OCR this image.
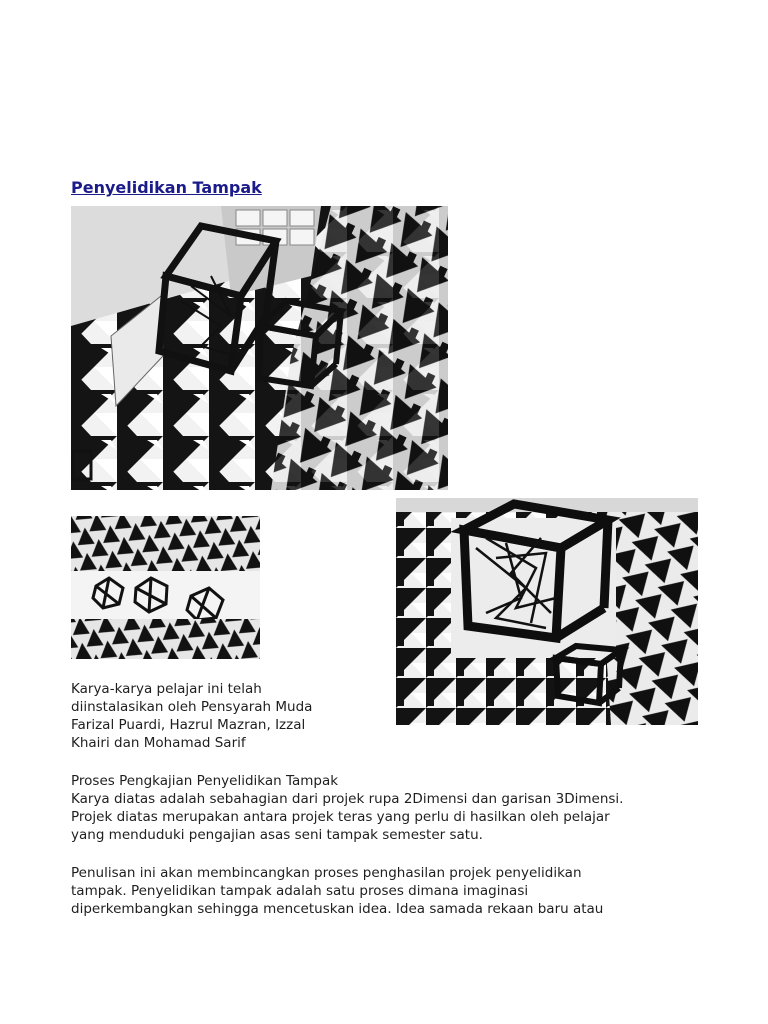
Penyelidikan Tampak

Karya-karya pelajar ini telah

diinstalasikan oleh Pensyarah Muda

Farizal Puardi, Hazrul Mazran, Izzal

Khairi dan Mohamad Sarif

Proses Pengkajian Penyelidikan Tampak

Karya diatas adalah sebahagian dari projek rupa 2Dimensi dan garisan 3Dimensi.

Projek diatas merupakan antara projek teras yang perlu di hasilkan oleh pelajar

yang menduduki pengajian asas seni tampak semester satu.

Penulisan ini akan membincangkan proses penghasilan projek penyelidikan

tampak. Penyelidikan tampak adalah satu proses dimana imaginasi

diperkembangkan sehingga mencetuskan idea. Idea samada rekaan baru atau
